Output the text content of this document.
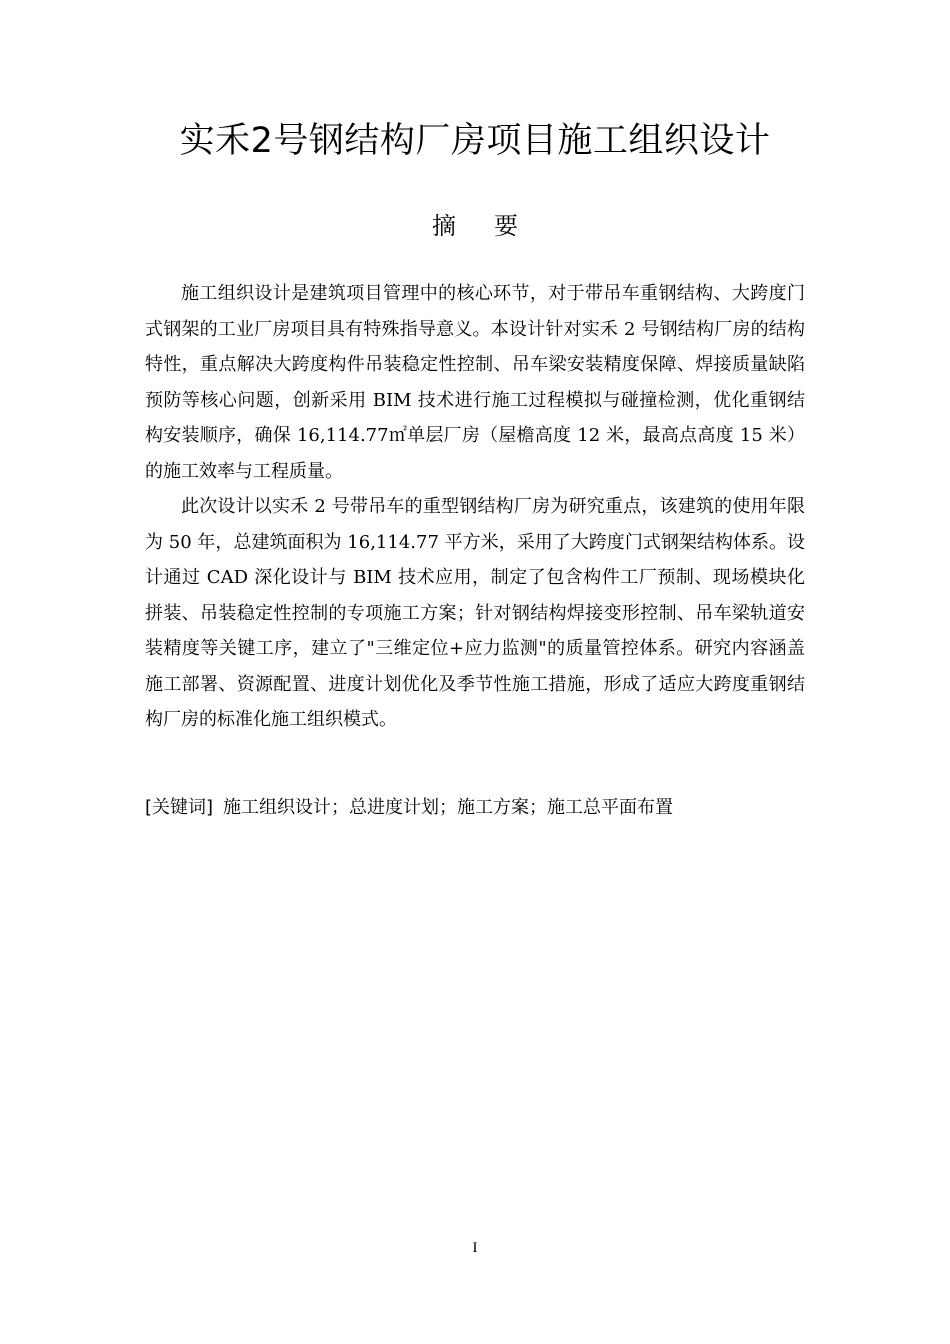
实禾2号钢结构厂房项目施工组织设计
摘要

施工组织设计是建筑项目管理中的核心环节，对于带吊车重钢结构、大跨度门式钢架的工业厂房项目具有特殊指导意义。本设计针对实禾 2 号钢结构厂房的结构特性，重点解决大跨度构件吊装稳定性控制、吊车梁安装精度保障、焊接质量缺陷预防等核心问题，创新采用 BIM 技术进行施工过程模拟与碰撞检测，优化重钢结构安装顺序，确保 16,114.77㎡单层厂房（屋檐高度 12 米，最高点高度 15 米）的施工效率与工程质量。

此次设计以实禾 2 号带吊车的重型钢结构厂房为研究重点，该建筑的使用年限为 50 年，总建筑面积为 16,114.77 平方米，采用了大跨度门式钢架结构体系。设计通过 CAD 深化设计与 BIM 技术应用，制定了包含构件工厂预制、现场模块化拼装、吊装稳定性控制的专项施工方案；针对钢结构焊接变形控制、吊车梁轨道安装精度等关键工序，建立了"三维定位+应力监测"的质量管控体系。研究内容涵盖施工部署、资源配置、进度计划优化及季节性施工措施，形成了适应大跨度重钢结构厂房的标准化施工组织模式。

[关键词] 施工组织设计；总进度计划；施工方案；施工总平面布置

I
